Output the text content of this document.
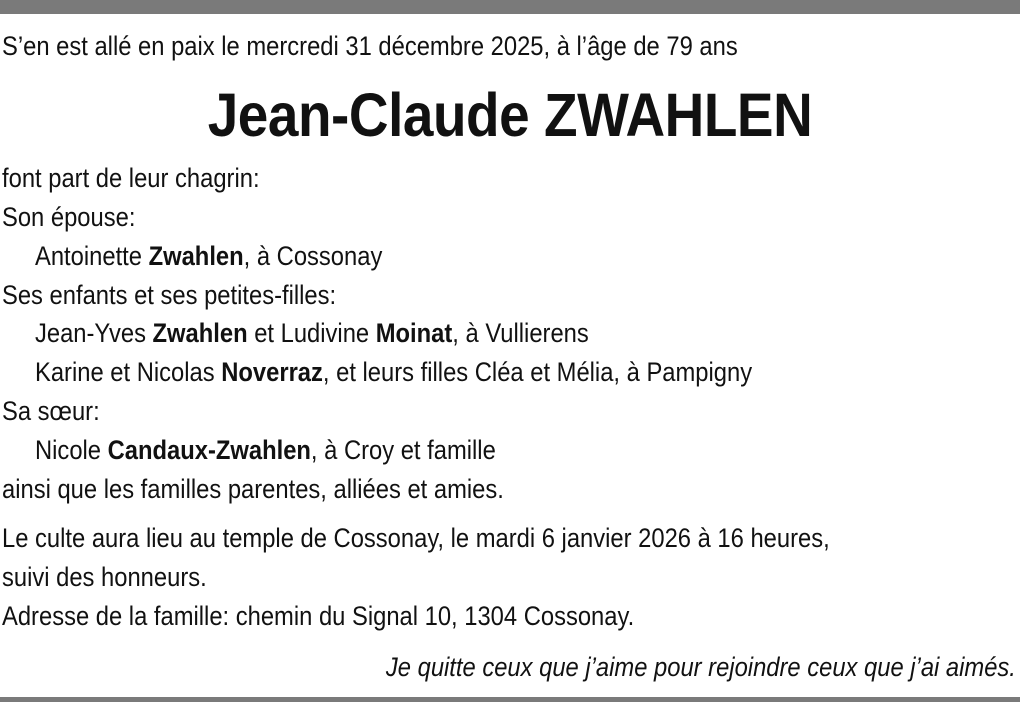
S’en est allé en paix le mercredi 31 décembre 2025, à l’âge de 79 ans
Jean-Claude ZWAHLEN
font part de leur chagrin:
Son épouse:
Antoinette Zwahlen, à Cossonay
Ses enfants et ses petites-filles:
Jean-Yves Zwahlen et Ludivine Moinat, à Vullierens
Karine et Nicolas Noverraz, et leurs filles Cléa et Mélia, à Pampigny
Sa sœur:
Nicole Candaux-Zwahlen, à Croy et famille
ainsi que les familles parentes, alliées et amies.
Le culte aura lieu au temple de Cossonay, le mardi 6 janvier 2026 à 16 heures,
suivi des honneurs.
Adresse de la famille: chemin du Signal 10, 1304 Cossonay.
Je quitte ceux que j’aime pour rejoindre ceux que j’ai aimés.
